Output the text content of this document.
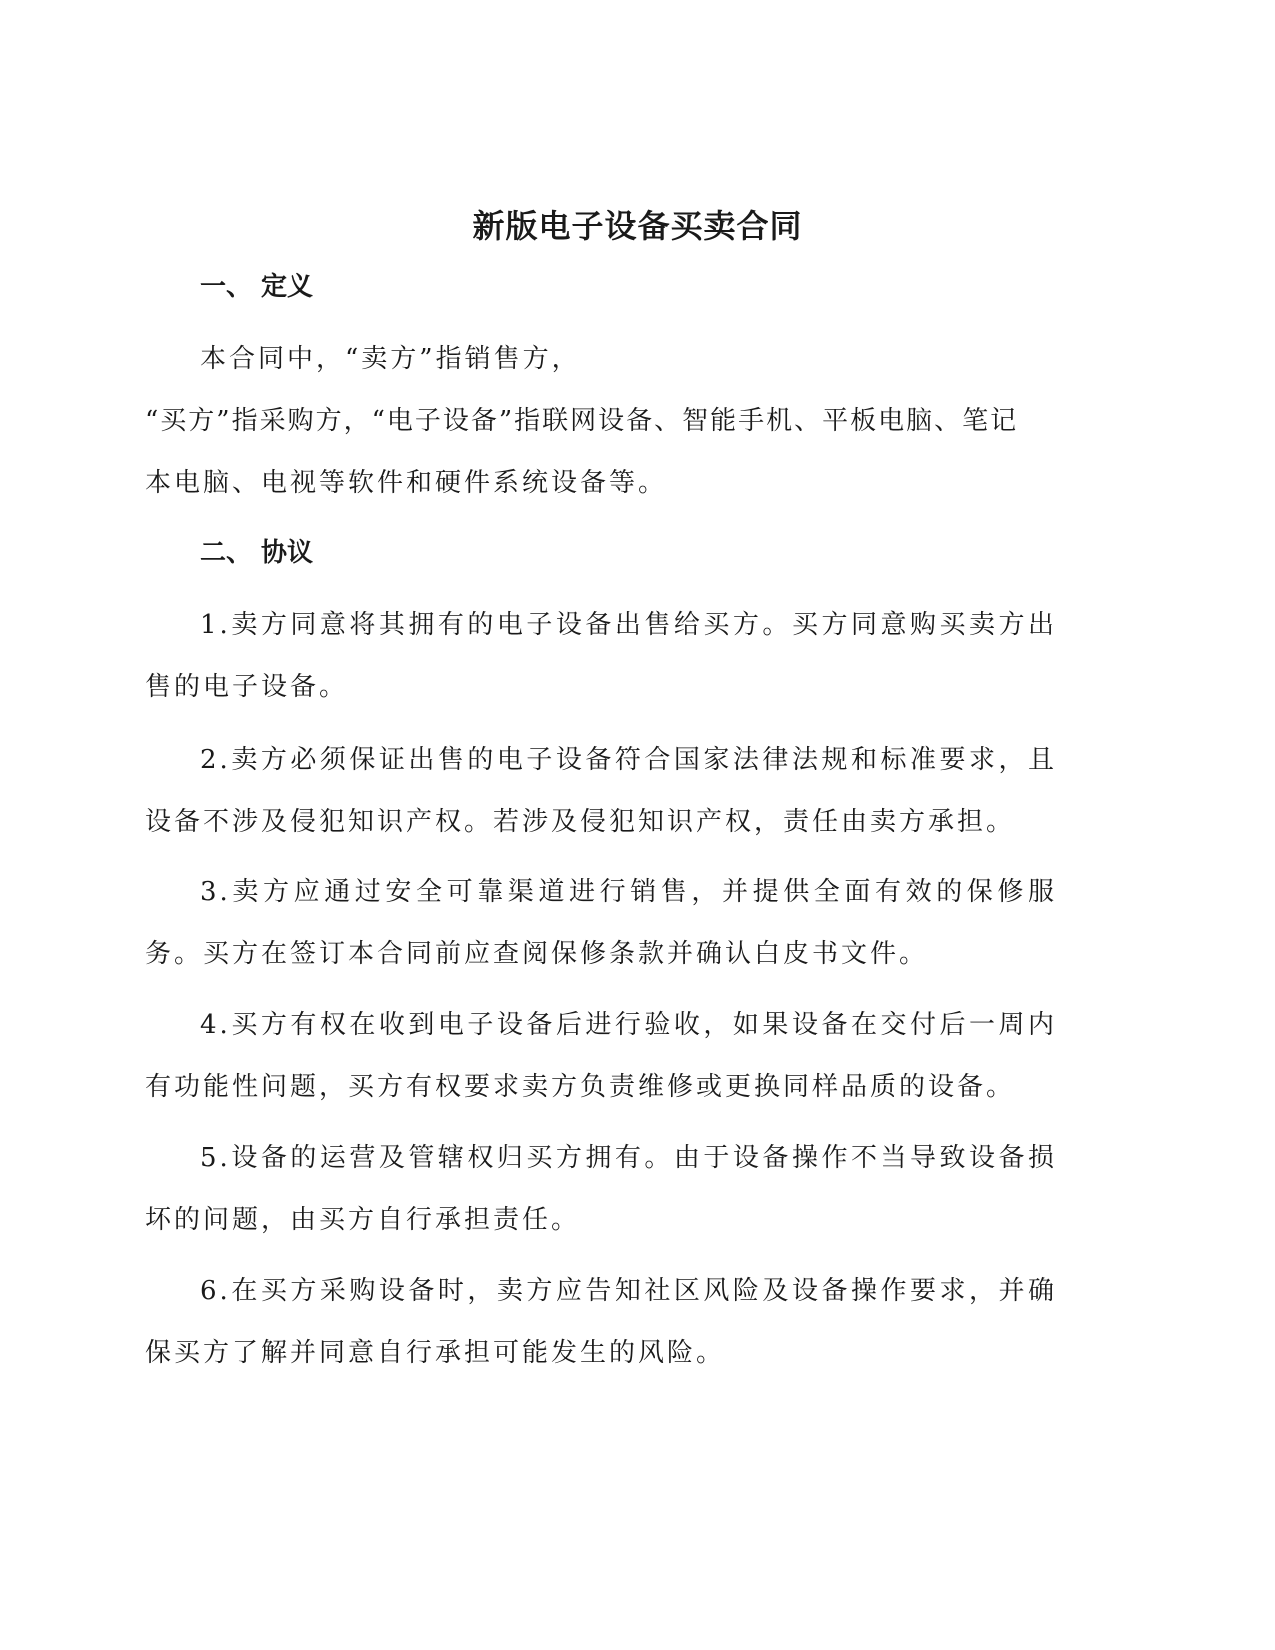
新版电子设备买卖合同
一、 定义

本合同中，“卖方”指销售方，
“买方”指采购方，“电子设备”指联网设备、智能手机、平板电脑、笔记
本电脑、电视等软件和硬件系统设备等。

二、 协议

1.卖方同意将其拥有的电子设备出售给买方。买方同意购买卖方出售的电子设备。

2.卖方必须保证出售的电子设备符合国家法律法规和标准要求，且设备不涉及侵犯知识产权。若涉及侵犯知识产权，责任由卖方承担。

3.卖方应通过安全可靠渠道进行销售，并提供全面有效的保修服务。买方在签订本合同前应查阅保修条款并确认白皮书文件。

4.买方有权在收到电子设备后进行验收，如果设备在交付后一周内有功能性问题，买方有权要求卖方负责维修或更换同样品质的设备。

5.设备的运营及管辖权归买方拥有。由于设备操作不当导致设备损坏的问题，由买方自行承担责任。

6.在买方采购设备时，卖方应告知社区风险及设备操作要求，并确保买方了解并同意自行承担可能发生的风险。
